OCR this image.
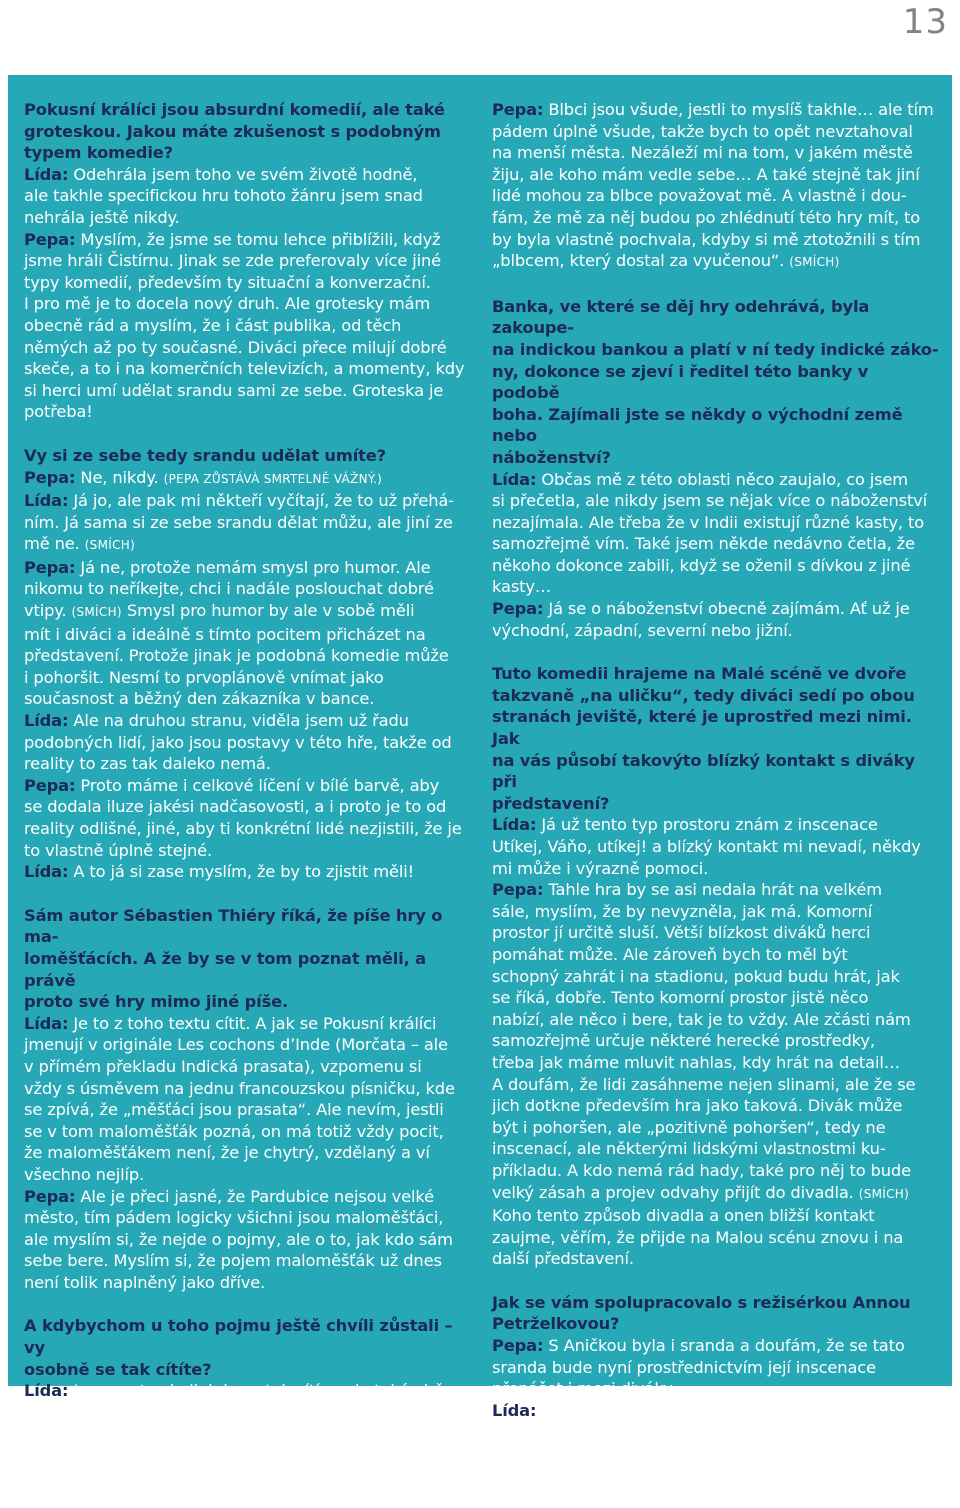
13

Pokusní králíci jsou absurdní komedií, ale také
groteskou. Jakou máte zkušenost s podobným
typem komedie?

Lída: Odehrála jsem toho ve svém životě hodně,
ale takhle specifickou hru tohoto žánru jsem snad
nehrála ještě nikdy.

Pepa: Myslím, že jsme se tomu lehce přiblížili, když
jsme hráli Čistírnu. Jinak se zde preferovaly více jiné
typy komedií, především ty situační a konverzační.
I pro mě je to docela nový druh. Ale grotesky mám
obecně rád a myslím, že i část publika, od těch
němých až po ty současné. Diváci přece milují dobré
skeče, a to i na komerčních televizích, a momenty, kdy
si herci umí udělat srandu sami ze sebe. Groteska je
potřeba!

Vy si ze sebe tedy srandu udělat umíte?

Pepa: Ne, nikdy. (PEPA ZŮSTÁVÁ SMRTELNĚ VÁŽNÝ.)

Lída: Já jo, ale pak mi někteří vyčítají, že to už přehá-
ním. Já sama si ze sebe srandu dělat můžu, ale jiní ze
mě ne. (SMÍCH)

Pepa: Já ne, protože nemám smysl pro humor. Ale
nikomu to neříkejte, chci i nadále poslouchat dobré
vtipy. (SMÍCH) Smysl pro humor by ale v sobě měli
mít i diváci a ideálně s tímto pocitem přicházet na
představení. Protože jinak je podobná komedie může
i pohoršit. Nesmí to prvoplánově vnímat jako současnost a běžný den zákazníka v bance.

Lída: Ale na druhou stranu, viděla jsem už řadu
podobných lidí, jako jsou postavy v této hře, takže od
reality to zas tak daleko nemá.

Pepa: Proto máme i celkové líčení v bílé barvě, aby
se dodala iluze jakési nadčasovosti, a i proto je to od
reality odlišné, jiné, aby ti konkrétní lidé nezjistili, že je
to vlastně úplně stejné.

Lída: A to já si zase myslím, že by to zjistit měli!

Sám autor Sébastien Thiéry říká, že píše hry o ma-
loměšťácích. A že by se v tom poznat měli, a právě
proto své hry mimo jiné píše.

Lída: Je to z toho textu cítit. A jak se Pokusní králíci
jmenují v originále Les cochons d’Inde (Morčata – ale
v přímém překladu Indická prasata), vzpomenu si
vždy s úsměvem na jednu francouzskou písničku, kde
se zpívá, že „měšťáci jsou prasata“. Ale nevím, jestli
se v tom maloměšťák pozná, on má totiž vždy pocit,
že maloměšťákem není, že je chytrý, vzdělaný a ví
všechno nejlíp.

Pepa: Ale je přeci jasné, že Pardubice nejsou velké
město, tím pádem logicky všichni jsou maloměšťáci,
ale myslím si, že nejde o pojmy, ale o to, jak kdo sám
sebe bere. Myslím si, že pojem maloměšťák už dnes
není tolik naplněný jako dříve.

A kdybychom u toho pojmu ještě chvíli zůstali – vy
osobně se tak cítíte?

Lída: Je spousta chvil, kdy se tak cítím, ale také občas
zjistím, že jiní jsou na tom v tomto ohledu i hůř…
(SMÍCH)

Pepa: Blbci jsou všude, jestli to myslíš takhle… ale tím
pádem úplně všude, takže bych to opět nevztahoval
na menší města. Nezáleží mi na tom, v jakém městě
žiju, ale koho mám vedle sebe… A také stejně tak jiní
lidé mohou za blbce považovat mě. A vlastně i dou-
fám, že mě za něj budou po zhlédnutí této hry mít, to
by byla vlastně pochvala, kdyby si mě ztotožnili s tím
„blbcem, který dostal za vyučenou“. (SMÍCH)

Banka, ve které se děj hry odehrává, byla zakoupe-
na indickou bankou a platí v ní tedy indické záko-
ny, dokonce se zjeví i ředitel této banky v podobě
boha. Zajímali jste se někdy o východní země nebo
náboženství?

Lída: Občas mě z této oblasti něco zaujalo, co jsem
si přečetla, ale nikdy jsem se nějak více o náboženství
nezajímala. Ale třeba že v Indii existují různé kasty, to
samozřejmě vím. Také jsem někde nedávno četla, že
někoho dokonce zabili, když se oženil s dívkou z jiné
kasty…

Pepa: Já se o náboženství obecně zajímám. Ať už je
východní, západní, severní nebo jižní.

Tuto komedii hrajeme na Malé scéně ve dvoře
takzvaně „na uličku“, tedy diváci sedí po obou
stranách jeviště, které je uprostřed mezi nimi. Jak
na vás působí takovýto blízký kontakt s diváky při
představení?

Lída: Já už tento typ prostoru znám z inscenace
Utíkej, Váňo, utíkej! a blízký kontakt mi nevadí, někdy
mi může i výrazně pomoci.

Pepa: Tahle hra by se asi nedala hrát na velkém
sále, myslím, že by nevyzněla, jak má. Komorní
prostor jí určitě sluší. Větší blízkost diváků herci
pomáhat může. Ale zároveň bych to měl být
schopný zahrát i na stadionu, pokud budu hrát, jak
se říká, dobře. Tento komorní prostor jistě něco
nabízí, ale něco i bere, tak je to vždy. Ale zčásti nám
samozřejmě určuje některé herecké prostředky,
třeba jak máme mluvit nahlas, kdy hrát na detail…
A doufám, že lidi zasáhneme nejen slinami, ale že se
jich dotkne především hra jako taková. Divák může
být i pohoršen, ale „pozitivně pohoršen“, tedy ne
inscenací, ale některými lidskými vlastnostmi ku-
příkladu. A kdo nemá rád hady, také pro něj to bude
velký zásah a projev odvahy přijít do divadla. (SMÍCH)
Koho tento způsob divadla a onen bližší kontakt
zaujme, věřím, že přijde na Malou scénu znovu i na
další představení.

Jak se vám spolupracovalo s režisérkou Annou
Petrželkovou?

Pepa: S Aničkou byla i sranda a doufám, že se tato
sranda bude nyní prostřednictvím její inscenace
přenášet i mezi diváky.

Lída: Hlavně ví, co chce, smysl hry ví přesně, ví,
proč a o čem ji chce hrát. Pak už jsme dále společně
hledali tu přesnost pojetí, konkrétní podobu situací
a hereckého stylu.
